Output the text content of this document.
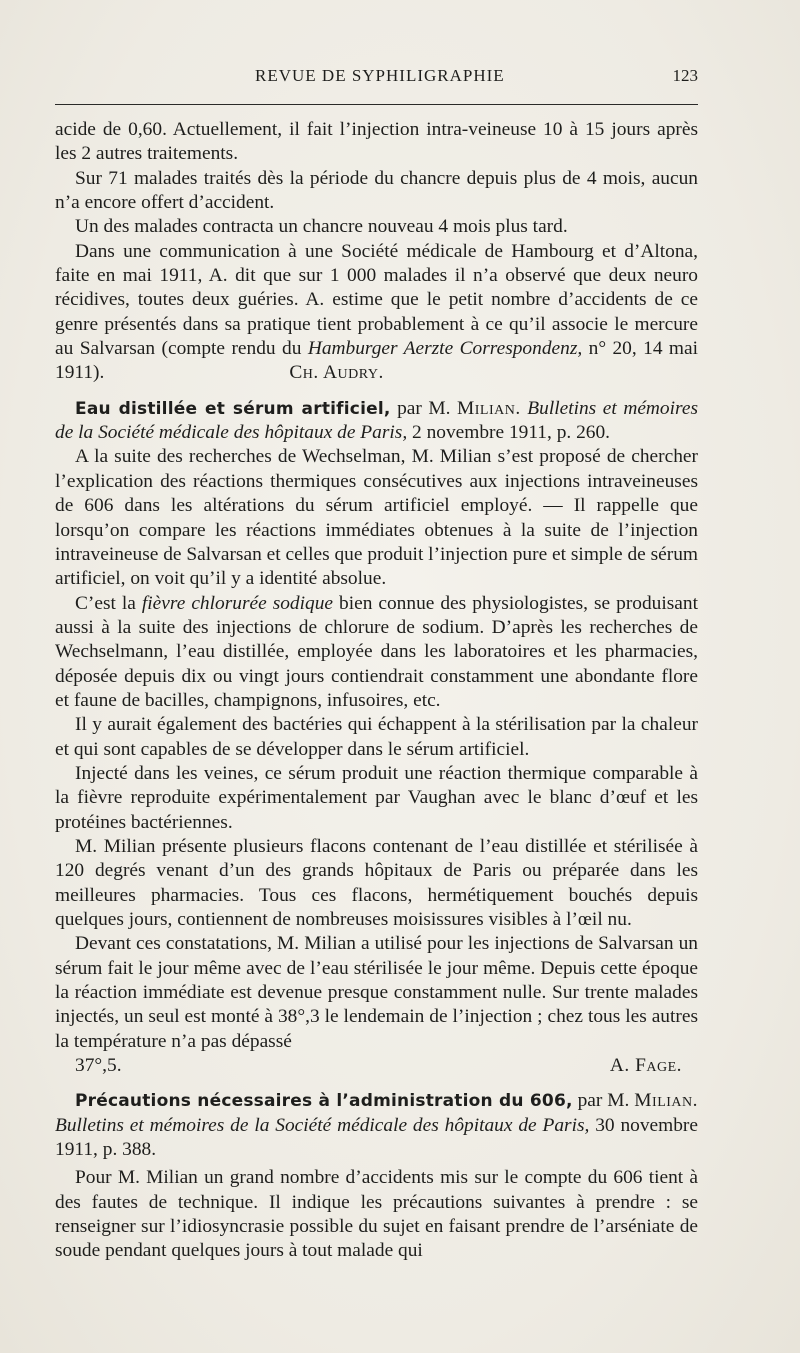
REVUE DE SYPHILIGRAPHIE	123

acide de 0,60. Actuellement, il fait l’injection intra-veineuse 10 à 15 jours après les 2 autres traitements.

Sur 71 malades traités dès la période du chancre depuis plus de 4 mois, aucun n’a encore offert d’accident.

Un des malades contracta un chancre nouveau 4 mois plus tard.

Dans une communication à une Société médicale de Hambourg et d’Altona, faite en mai 1911, A. dit que sur 1 000 malades il n’a observé que deux neuro récidives, toutes deux guéries. A. estime que le petit nombre d’accidents de ce genre présentés dans sa pratique tient probablement à ce qu’il associe le mercure au Salvarsan (compte rendu du Hamburger Aerzte Correspondenz, n° 20, 14 mai 1911).	Ch. Audry.

Eau distillée et sérum artificiel, par M. Milian. Bulletins et mémoires de la Société médicale des hôpitaux de Paris, 2 novembre 1911, p. 260.

A la suite des recherches de Wechselman, M. Milian s’est proposé de chercher l’explication des réactions thermiques consécutives aux injections intraveineuses de 606 dans les altérations du sérum artificiel employé. — Il rappelle que lorsqu’on compare les réactions immédiates obtenues à la suite de l’injection intraveineuse de Salvarsan et celles que produit l’injection pure et simple de sérum artificiel, on voit qu’il y a identité absolue.

C’est la fièvre chlorurée sodique bien connue des physiologistes, se produisant aussi à la suite des injections de chlorure de sodium. D’après les recherches de Wechselmann, l’eau distillée, employée dans les laboratoires et les pharmacies, déposée depuis dix ou vingt jours contiendrait constamment une abondante flore et faune de bacilles, champignons, infusoires, etc.

Il y aurait également des bactéries qui échappent à la stérilisation par la chaleur et qui sont capables de se développer dans le sérum artificiel.

Injecté dans les veines, ce sérum produit une réaction thermique comparable à la fièvre reproduite expérimentalement par Vaughan avec le blanc d’œuf et les protéines bactériennes.

M. Milian présente plusieurs flacons contenant de l’eau distillée et stérilisée à 120 degrés venant d’un des grands hôpitaux de Paris ou préparée dans les meilleures pharmacies. Tous ces flacons, hermétiquement bouchés depuis quelques jours, contiennent de nombreuses moisissures visibles à l’œil nu.

Devant ces constatations, M. Milian a utilisé pour les injections de Salvarsan un sérum fait le jour même avec de l’eau stérilisée le jour même. Depuis cette époque la réaction immédiate est devenue presque constamment nulle. Sur trente malades injectés, un seul est monté à 38°,3 le lendemain de l’injection ; chez tous les autres la température n’a pas dépassé

37°,5.	A. Fage.

Précautions nécessaires à l’administration du 606, par M. Milian. Bulletins et mémoires de la Société médicale des hôpitaux de Paris, 30 novembre 1911, p. 388.

Pour M. Milian un grand nombre d’accidents mis sur le compte du 606 tient à des fautes de technique. Il indique les précautions suivantes à prendre : se renseigner sur l’idiosyncrasie possible du sujet en faisant prendre de l’arséniate de soude pendant quelques jours à tout malade qui
